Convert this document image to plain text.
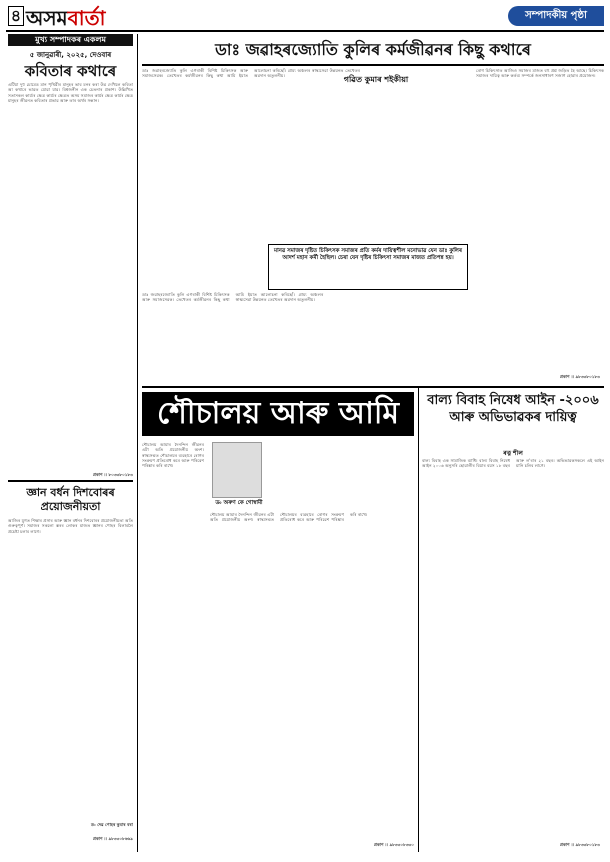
৪ অসমবাৰ্তা	সম্পাদকীয় পৃষ্ঠা
মুখ্য সম্পাদকৰ একলম
৫ জানুৱাৰী, ২০২৫, দেওবাৰ
কবিতাৰ কথাৰে
এটিয়া দুহু চোমেড মান পৃথিৱীৰ মানুহৰ ভাব মনৰ কৰা উৱ দেখিলে কবিতা আ কথাৰে ভাৱত যোৱা যাৱ। বিশ্বজনীন এক চেতনাৰ প্ৰকাশ। উল্লিখিত সতাসকল কাৰ্য্যৰ ক্ষেত্ৰ কাৰ্য্যৰ ক্ষেত্ৰত অসম সমাজৰ কাৰ্যৰ ক্ষেত্ৰ কাৰ্যৰ ক্ষেত্ৰ মানুহৰ জীৱনত কবিতাৰ প্ৰভাৱ আৰু তাৰ অৰ্থৰ সন্ধান।
প্ৰকাশ ।। ৮০৩৩৮০১৮৩
জ্ঞান বৰ্ধন দিশবোৰৰ প্ৰয়োজনীয়তা
আজিৰ যুগত শিক্ষাৰ প্ৰসাৰ আৰু জ্ঞান বৰ্ধনৰ দিশবোৰৰ প্ৰয়োজনীয়তা অতি গুৰুত্বপূৰ্ণ। সমাজৰ সকলো স্তৰৰ লোকৰ মাজত জ্ঞানৰ পোহৰ বিলাবলৈ প্ৰচেষ্টা চলাব লাগে।
ড৹ দেৱ পোহৰ কুমাৰ বৰা
প্ৰকাশ ।। ৯৮৩৩০৮৬৬৯
ডাঃ জৱাহৰজ্যোতি কুলিৰ কৰ্মজীৱনৰ কিছু কথাৰে
ডাঃ জৱাহৰজ্যোতি কুলি এগৰাকী বিশিষ্ট চিকিৎসক আৰু সমাজসেৱক। তেখেতৰ কৰ্মজীৱনৰ কিছু কথা আমি ইয়াত আলোচনা কৰিছোঁ। গ্ৰাম্য অঞ্চলৰ স্বাস্থ্যসেৱা উন্নয়নত তেখেতৰ অৱদান অতুলনীয়।	গৱিত কুমাৰ শইকীয়া
ৰোগ চিকিৎসাত আজিও সমাজৰ মাজত বহু প্ৰশ্ন জড়িত হৈ আছে। চিকিৎসক সমাজৰ দায়িত্ব আৰু কৰ্তব্য সম্পৰ্কে জনসাধাৰণ সজাগ হোৱাৰ প্ৰয়োজন।
মানৱ সমাজৰ দৃষ্টিত চিকিৎসক সমাজৰ প্ৰতি কৰ্মৰ দায়িত্বশীল মনোভাৱ যেন ডাঃ কুলিৰ আদৰ্শ মহান কৰ্মী হৈছিল। চেৰা যেন দৃষ্টিৰ চিকিৎসা সমাজৰ মাজত প্ৰতিপন্ন হয়।
ডাঃ জৱাহৰজ্যোতি কুলি এগৰাকী বিশিষ্ট চিকিৎসক আৰু সমাজসেৱক। তেখেতৰ কৰ্মজীৱনৰ কিছু কথা আমি ইয়াত আলোচনা কৰিছোঁ। গ্ৰাম্য অঞ্চলৰ স্বাস্থ্যসেৱা উন্নয়নত তেখেতৰ অৱদান অতুলনীয়।
প্ৰকাশ ।। ৯৮৩৩৮০১৮৩
শৌচালয় আৰু আমি
ড৹ অৰুণ কে গোস্বামী
শৌচালয় আমাৰ দৈনন্দিন জীৱনৰ এটা অতি প্ৰয়োজনীয় অংশ। স্বাস্থ্যসন্মত শৌচালয়ৰ ব্যৱহাৰে ৰোগৰ সংক্ৰমণ প্ৰতিৰোধ কৰে আৰু পৰিৱেশ পৰিষ্কাৰ কৰি ৰাখে।
শৌচালয় আমাৰ দৈনন্দিন জীৱনৰ এটা অতি প্ৰয়োজনীয় অংশ। স্বাস্থ্যসন্মত শৌচালয়ৰ ব্যৱহাৰে ৰোগৰ সংক্ৰমণ প্ৰতিৰোধ কৰে আৰু পৰিৱেশ পৰিষ্কাৰ কৰি ৰাখে।
প্ৰকাশ ।। ৯৮৩৩০৮৩৩০
বাল্য বিবাহ নিষেধ আইন -২০০৬ আৰু অভিভাৱকৰ দায়িত্ব
ৰত্ন শীল
বাল্য বিবাহ এক সামাজিক ব্যাধি। বাল্য বিবাহ নিষেধ আইন ২০০৬ অনুসৰি ছোৱালীৰ বিয়াৰ বয়স ১৮ বছৰ আৰু ল'ৰাৰ ২১ বছৰ। অভিভাৱকসকলে এই আইন মানি চলিব লাগে।
প্ৰকাশ ।। ৯৮৩৩৮০১৮৩
